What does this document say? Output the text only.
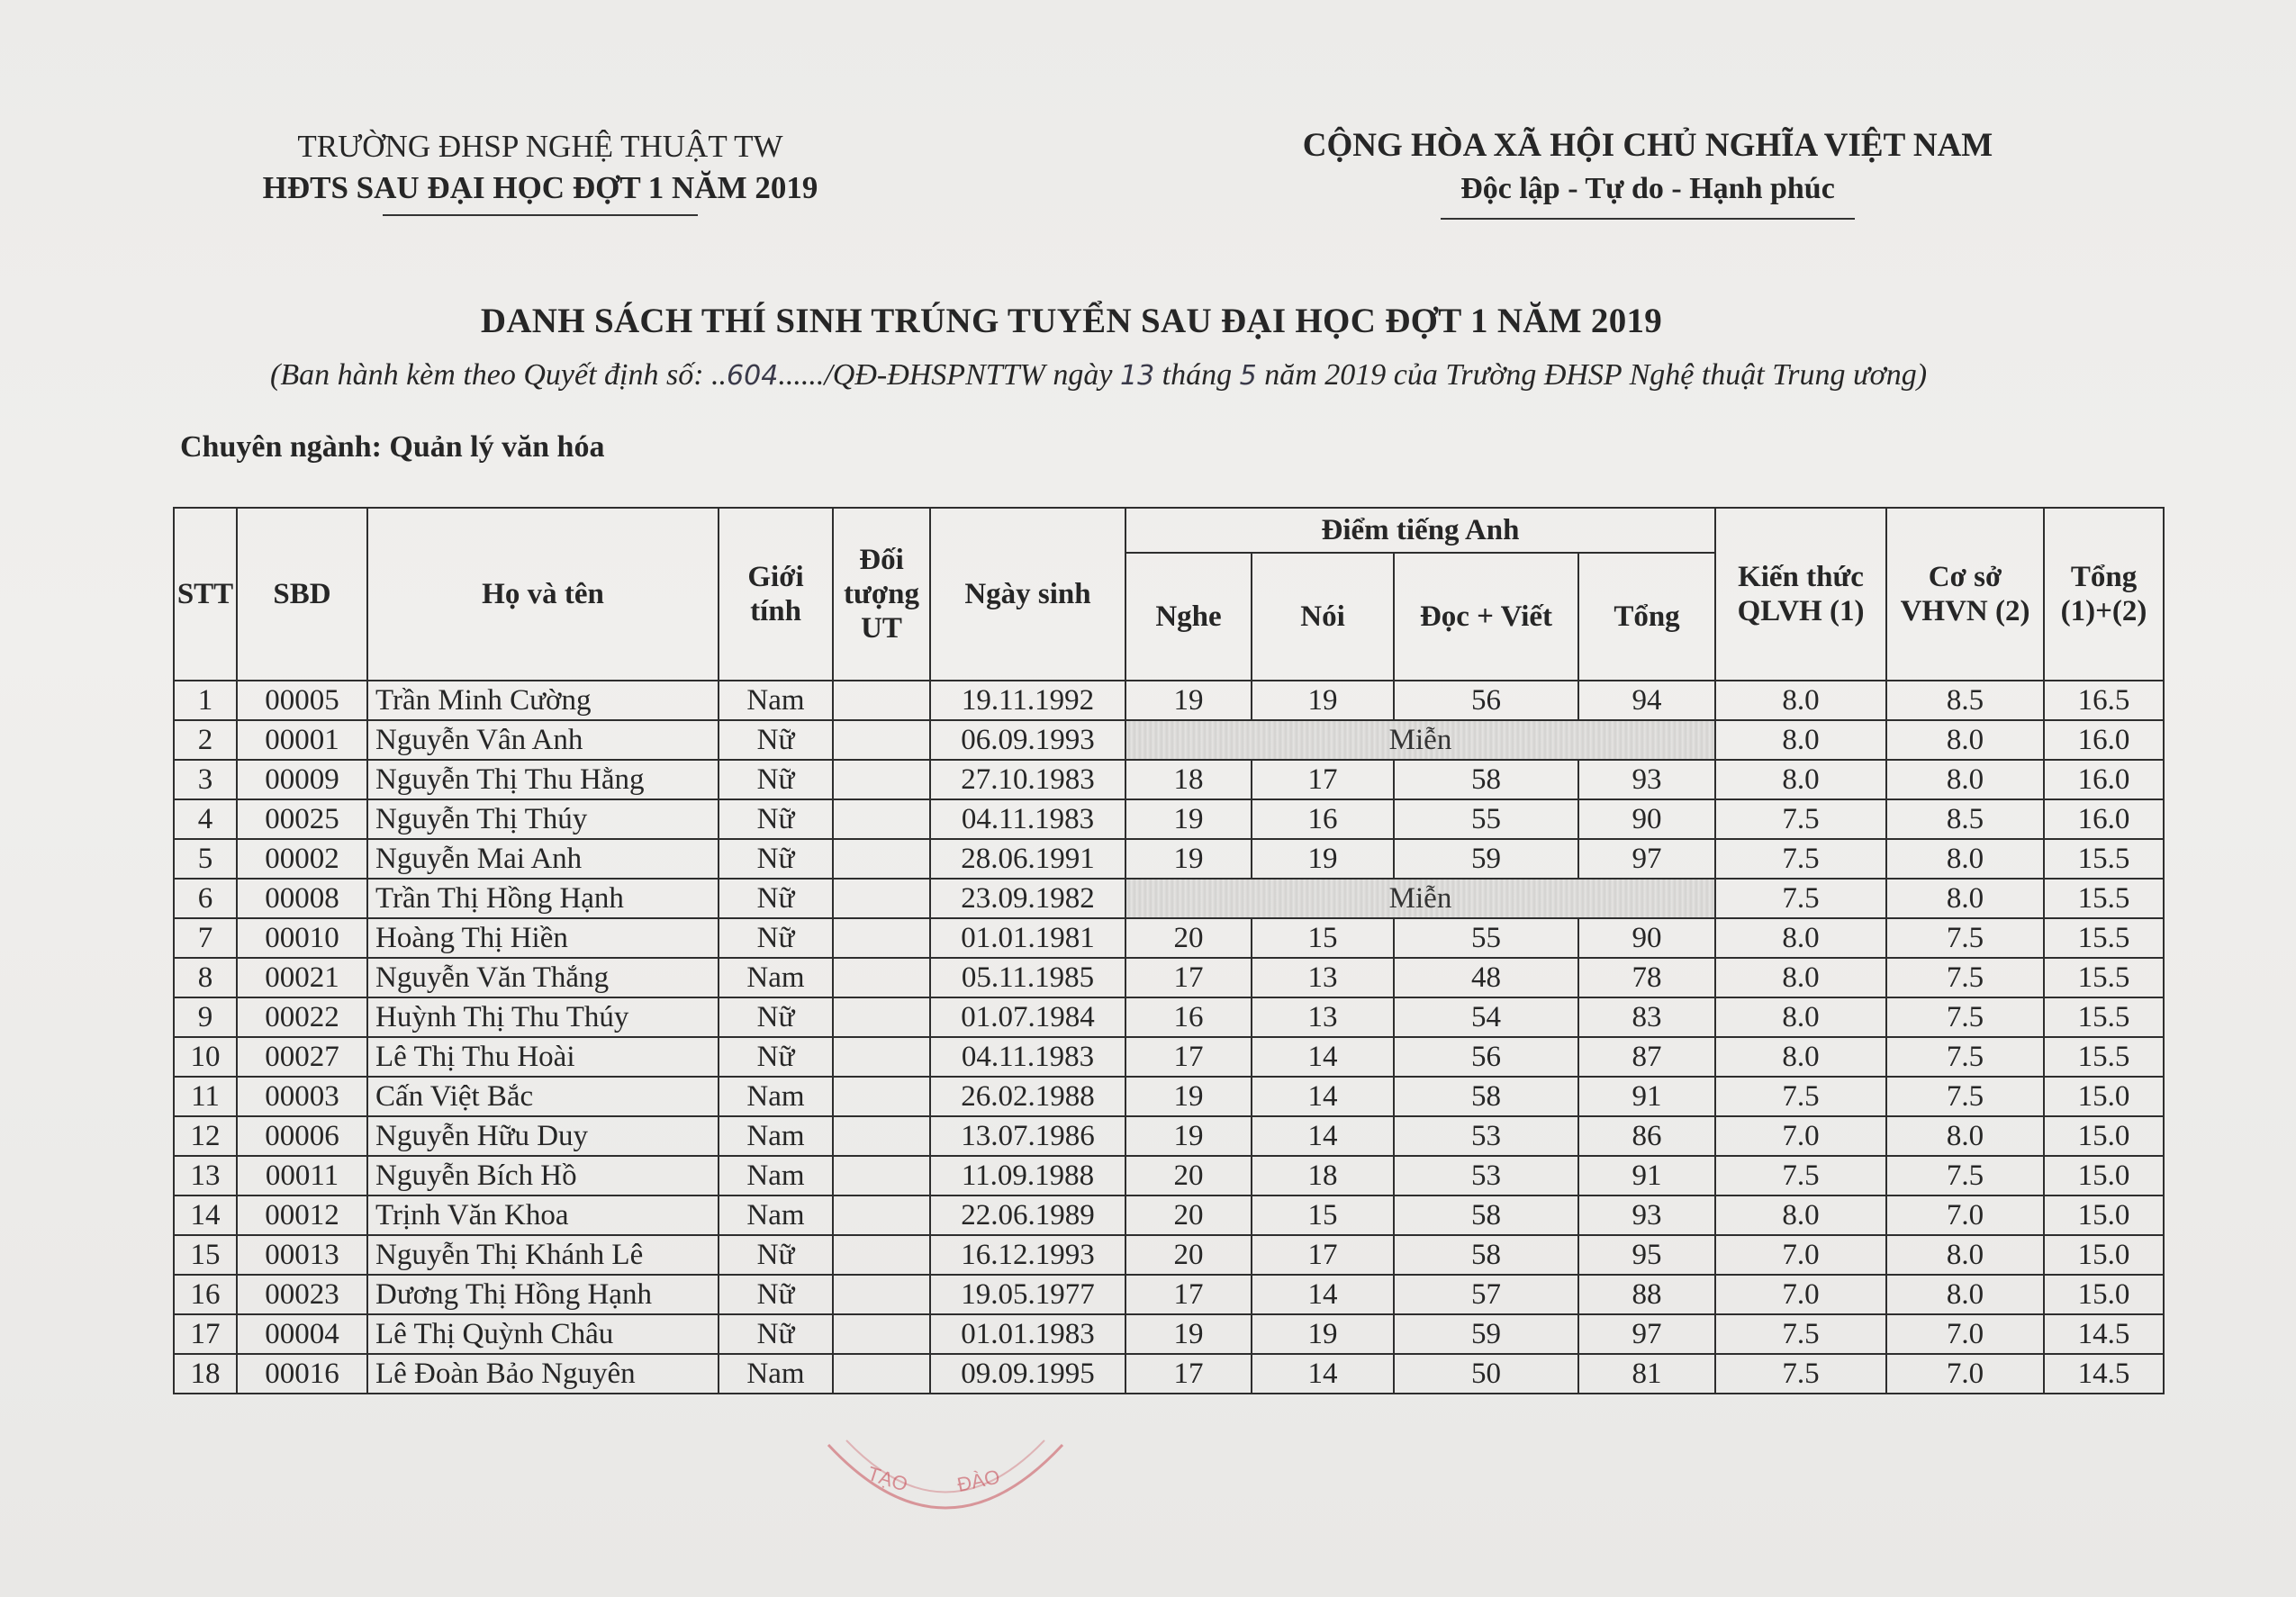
TRƯỜNG ĐHSP NGHỆ THUẬT TW
HĐTS SAU ĐẠI HỌC ĐỢT 1 NĂM 2019
CỘNG HÒA XÃ HỘI CHỦ NGHĨA VIỆT NAM
Độc lập - Tự do - Hạnh phúc
DANH SÁCH THÍ SINH TRÚNG TUYỂN SAU ĐẠI HỌC ĐỢT 1 NĂM 2019
(Ban hành kèm theo Quyết định số: ..604....../QĐ-ĐHSPNTTW ngày 13 tháng 5 năm 2019 của Trường ĐHSP Nghệ thuật Trung ương)
Chuyên ngành: Quản lý văn hóa
STT	SBD	Họ và tên	Giới tính	Đối tượng UT	Ngày sinh	Điểm tiếng Anh				Kiến thức QLVH (1)	Cơ sở VHVN (2)	Tổng (1)+(2)
						Nghe	Nói	Đọc + Viết	Tổng			
1	00005	Trần Minh Cường	Nam		19.11.1992	19	19	56	94	8.0	8.5	16.5
2	00001	Nguyễn Vân Anh	Nữ		06.09.1993	Miễn				8.0	8.0	16.0
3	00009	Nguyễn Thị Thu Hằng	Nữ		27.10.1983	18	17	58	93	8.0	8.0	16.0
4	00025	Nguyễn Thị Thúy	Nữ		04.11.1983	19	16	55	90	7.5	8.5	16.0
5	00002	Nguyễn Mai Anh	Nữ		28.06.1991	19	19	59	97	7.5	8.0	15.5
6	00008	Trần Thị Hồng Hạnh	Nữ		23.09.1982	Miễn				7.5	8.0	15.5
7	00010	Hoàng Thị Hiền	Nữ		01.01.1981	20	15	55	90	8.0	7.5	15.5
8	00021	Nguyễn Văn Thắng	Nam		05.11.1985	17	13	48	78	8.0	7.5	15.5
9	00022	Huỳnh Thị Thu Thúy	Nữ		01.07.1984	16	13	54	83	8.0	7.5	15.5
10	00027	Lê Thị Thu Hoài	Nữ		04.11.1983	17	14	56	87	8.0	7.5	15.5
11	00003	Cấn Việt Bắc	Nam		26.02.1988	19	14	58	91	7.5	7.5	15.0
12	00006	Nguyễn Hữu Duy	Nam		13.07.1986	19	14	53	86	7.0	8.0	15.0
13	00011	Nguyễn Bích Hồ	Nam		11.09.1988	20	18	53	91	7.5	7.5	15.0
14	00012	Trịnh Văn Khoa	Nam		22.06.1989	20	15	58	93	8.0	7.0	15.0
15	00013	Nguyễn Thị Khánh Lê	Nữ		16.12.1993	20	17	58	95	7.0	8.0	15.0
16	00023	Dương Thị Hồng Hạnh	Nữ		19.05.1977	17	14	57	88	7.0	8.0	15.0
17	00004	Lê Thị Quỳnh Châu	Nữ		01.01.1983	19	19	59	97	7.5	7.0	14.5
18	00016	Lê Đoàn Bảo Nguyên	Nam		09.09.1995	17	14	50	81	7.5	7.0	14.5
TẠO ĐÀO
